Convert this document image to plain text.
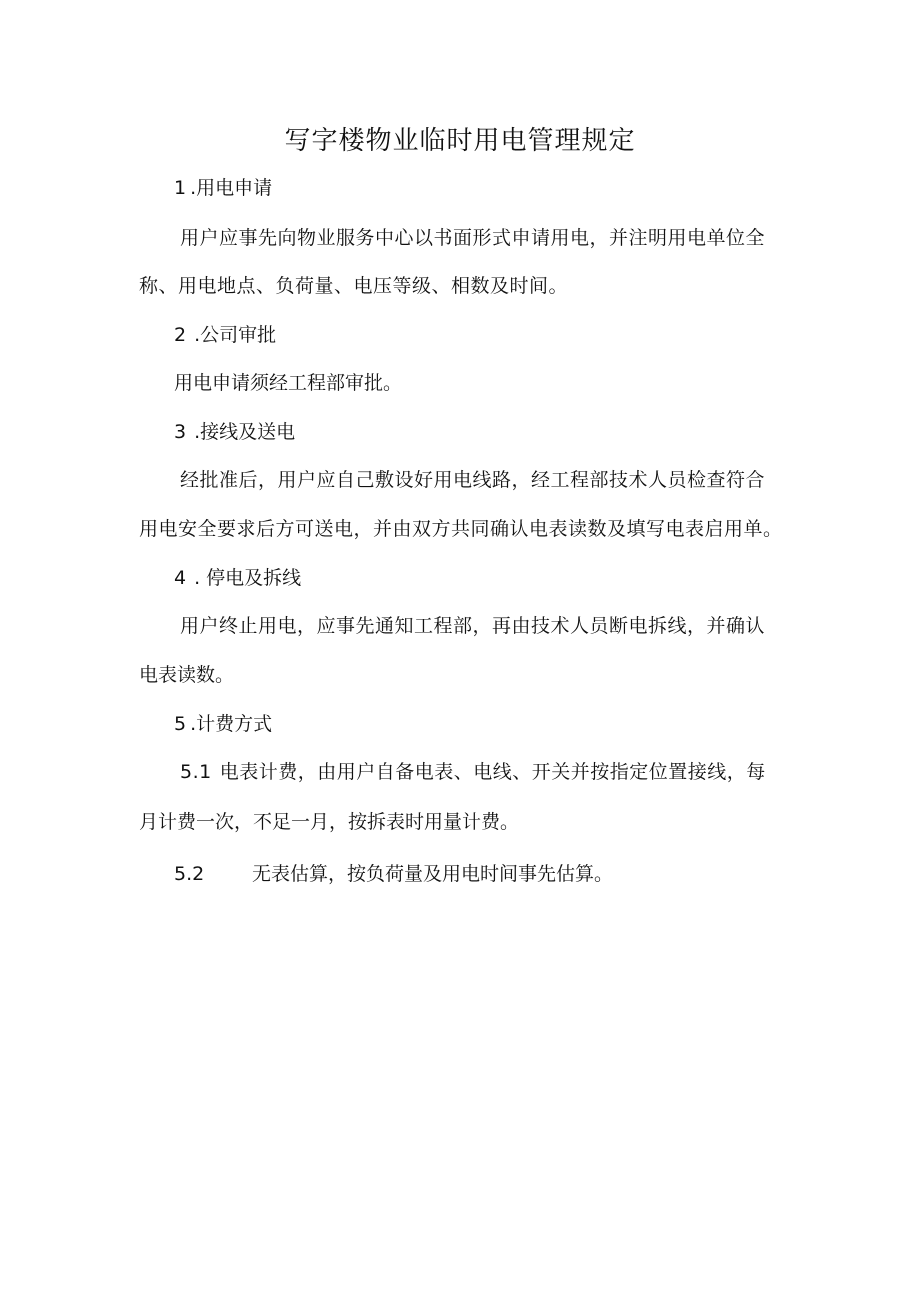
写字楼物业临时用电管理规定
1 .用电申请
用户应事先向物业服务中心以书面形式申请用电，并注明用电单位全
称、用电地点、负荷量、电压等级、相数及时间。
2 .公司审批
用电申请须经工程部审批。
3 .接线及送电
经批准后，用户应自己敷设好用电线路，经工程部技术人员检查符合
用电安全要求后方可送电，并由双方共同确认电表读数及填写电表启用单。
4 . 停电及拆线
用户终止用电，应事先通知工程部，再由技术人员断电拆线，并确认
电表读数。
5 .计费方式
5.1 电表计费，由用户自备电表、电线、开关并按指定位置接线，每
月计费一次，不足一月，按拆表时用量计费。
5.2	无表估算，按负荷量及用电时间事先估算。
